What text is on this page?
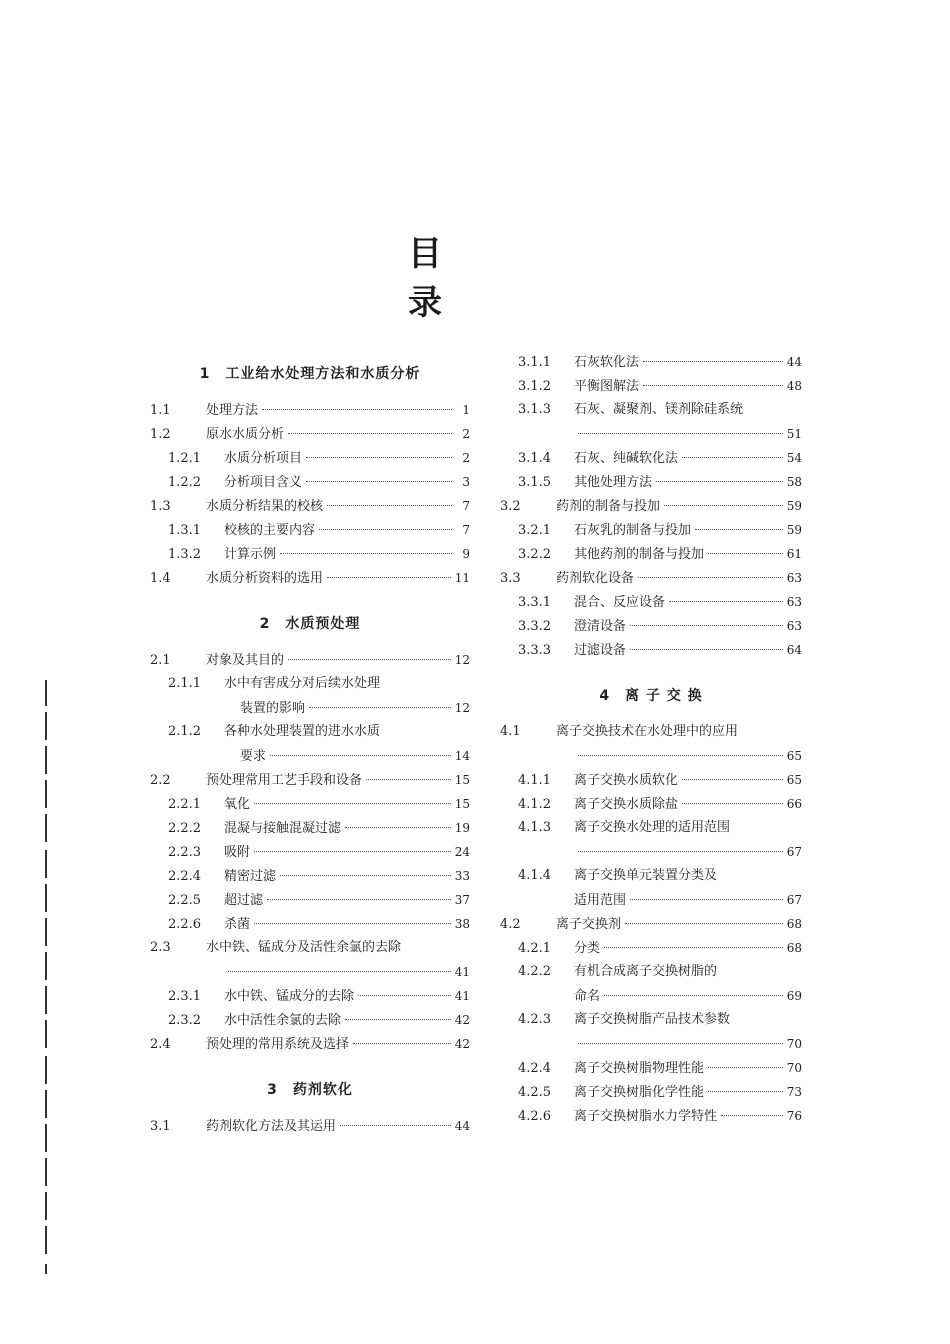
目　录
1　工业给水处理方法和水质分析
1.1	处理方法	1
1.2	原水水质分析	2
1.2.1	水质分析项目	2
1.2.2	分析项目含义	3
1.3	水质分析结果的校核	7
1.3.1	校核的主要内容	7
1.3.2	计算示例	9
1.4	水质分析资料的选用	11
2　水质预处理
2.1	对象及其目的	12
2.1.1	水中有害成分对后续水处理
装置的影响	12
2.1.2	各种水处理装置的进水水质
要求	14
2.2	预处理常用工艺手段和设备	15
2.2.1	氧化	15
2.2.2	混凝与接触混凝过滤	19
2.2.3	吸附	24
2.2.4	精密过滤	33
2.2.5	超过滤	37
2.2.6	杀菌	38
2.3	水中铁、锰成分及活性余氯的去除
41
2.3.1	水中铁、锰成分的去除	41
2.3.2	水中活性余氯的去除	42
2.4	预处理的常用系统及选择	42
3　药剂软化
3.1	药剂软化方法及其运用	44
3.1.1	石灰软化法	44
3.1.2	平衡图解法	48
3.1.3	石灰、凝聚剂、镁剂除硅系统
51
3.1.4	石灰、纯碱软化法	54
3.1.5	其他处理方法	58
3.2	药剂的制备与投加	59
3.2.1	石灰乳的制备与投加	59
3.2.2	其他药剂的制备与投加	61
3.3	药剂软化设备	63
3.3.1	混合、反应设备	63
3.3.2	澄清设备	63
3.3.3	过滤设备	64
4　离 子 交 换
4.1	离子交换技术在水处理中的应用
65
4.1.1	离子交换水质软化	65
4.1.2	离子交换水质除盐	66
4.1.3	离子交换水处理的适用范围
67
4.1.4	离子交换单元装置分类及
适用范围	67
4.2	离子交换剂	68
4.2.1	分类	68
4.2.2	有机合成离子交换树脂的
命名	69
4.2.3	离子交换树脂产品技术参数
70
4.2.4	离子交换树脂物理性能	70
4.2.5	离子交换树脂化学性能	73
4.2.6	离子交换树脂水力学特性	76
